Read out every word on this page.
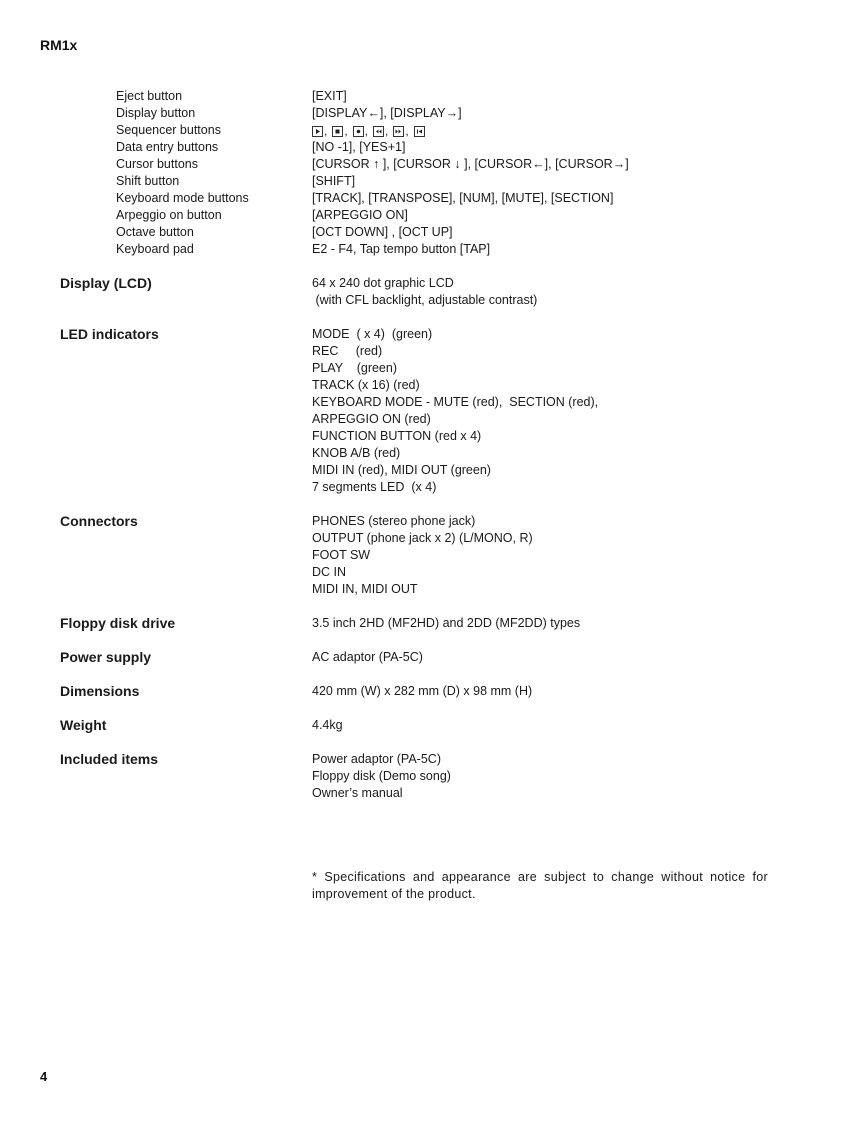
RM1x
Eject button	[EXIT]
Display button	[DISPLAY←], [DISPLAY→]
Sequencer buttons	, , , , ,
Data entry buttons	[NO -1], [YES+1]
Cursor buttons	[CURSOR ↑ ], [CURSOR ↓ ], [CURSOR←], [CURSOR→]
Shift button	[SHIFT]
Keyboard mode buttons	[TRACK], [TRANSPOSE], [NUM], [MUTE], [SECTION]
Arpeggio on button	[ARPEGGIO ON]
Octave button	[OCT DOWN] , [OCT UP]
Keyboard pad	E2 - F4, Tap tempo button [TAP]
Display (LCD)	64 x 240 dot graphic LCD
(with CFL backlight, adjustable contrast)
LED indicators	MODE  ( x 4)  (green)
REC     (red)
PLAY    (green)
TRACK (x 16) (red)
KEYBOARD MODE - MUTE (red),  SECTION (red),
ARPEGGIO ON (red)
FUNCTION BUTTON (red x 4)
KNOB A/B (red)
MIDI IN (red), MIDI OUT (green)
7 segments LED  (x 4)
Connectors	PHONES (stereo phone jack)
OUTPUT (phone jack x 2) (L/MONO, R)
FOOT SW
DC IN
MIDI IN, MIDI OUT
Floppy disk drive	3.5 inch 2HD (MF2HD) and 2DD (MF2DD) types
Power supply	AC adaptor (PA-5C)
Dimensions	420 mm (W) x 282 mm (D) x 98 mm (H)
Weight	4.4kg
Included items	Power adaptor (PA-5C)
Floppy disk (Demo song)
Owner’s manual
* Specifications and appearance are subject to change without notice for improvement of the product.
4
